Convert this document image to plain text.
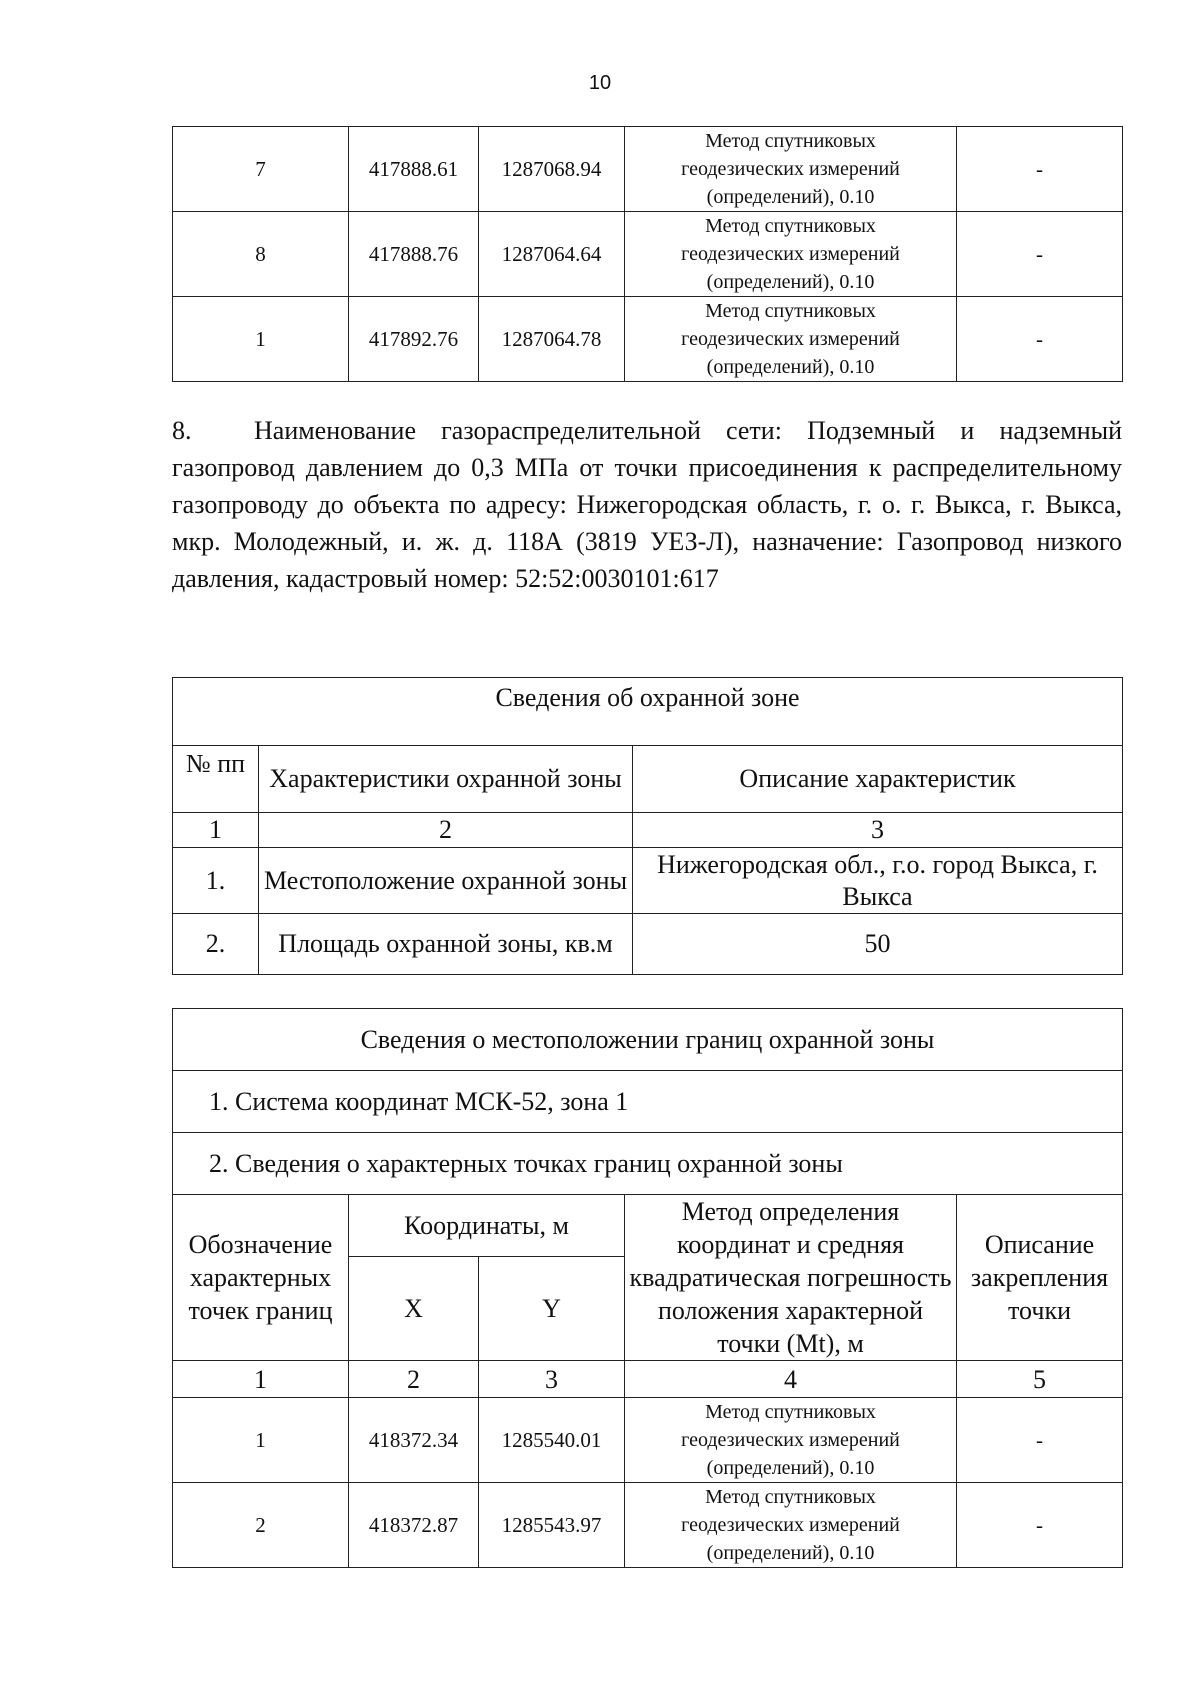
10
7	417888.61	1287068.94	Метод спутниковых
геодезических измерений
(определений), 0.10	-
8	417888.76	1287064.64	Метод спутниковых
геодезических измерений
(определений), 0.10	-
1	417892.76	1287064.78	Метод спутниковых
геодезических измерений
(определений), 0.10	-
8. Наименование газораспределительной сети: Подземный и надземный газопровод давлением до 0,3 МПа от точки присоединения к распределительному газопроводу до объекта по адресу: Нижегородская область, г. о. г. Выкса, г. Выкса, мкр. Молодежный, и. ж. д. 118А (3819 УЕЗ-Л), назначение: Газопровод низкого давления, кадастровый номер: 52:52:0030101:617
Сведения об охранной зоне		
№ пп	Характеристики охранной зоны	Описание характеристик
1	2	3
1.	Местоположение охранной зоны	Нижегородская обл., г.о. город Выкса, г. Выкса
2.	Площадь охранной зоны, кв.м	50
Сведения о местоположении границ охранной зоны				
1. Система координат МСК-52, зона 1				
2. Сведения о характерных точках границ охранной зоны				
Обозначение характерных точек границ	Координаты, м		Метод определения координат и средняя квадратическая погрешность положения характерной точки (Mt), м	Описание закрепления точки
	X	Y		
1	2	3	4	5
1	418372.34	1285540.01	Метод спутниковых
геодезических измерений
(определений), 0.10	-
2	418372.87	1285543.97	Метод спутниковых
геодезических измерений
(определений), 0.10	-
